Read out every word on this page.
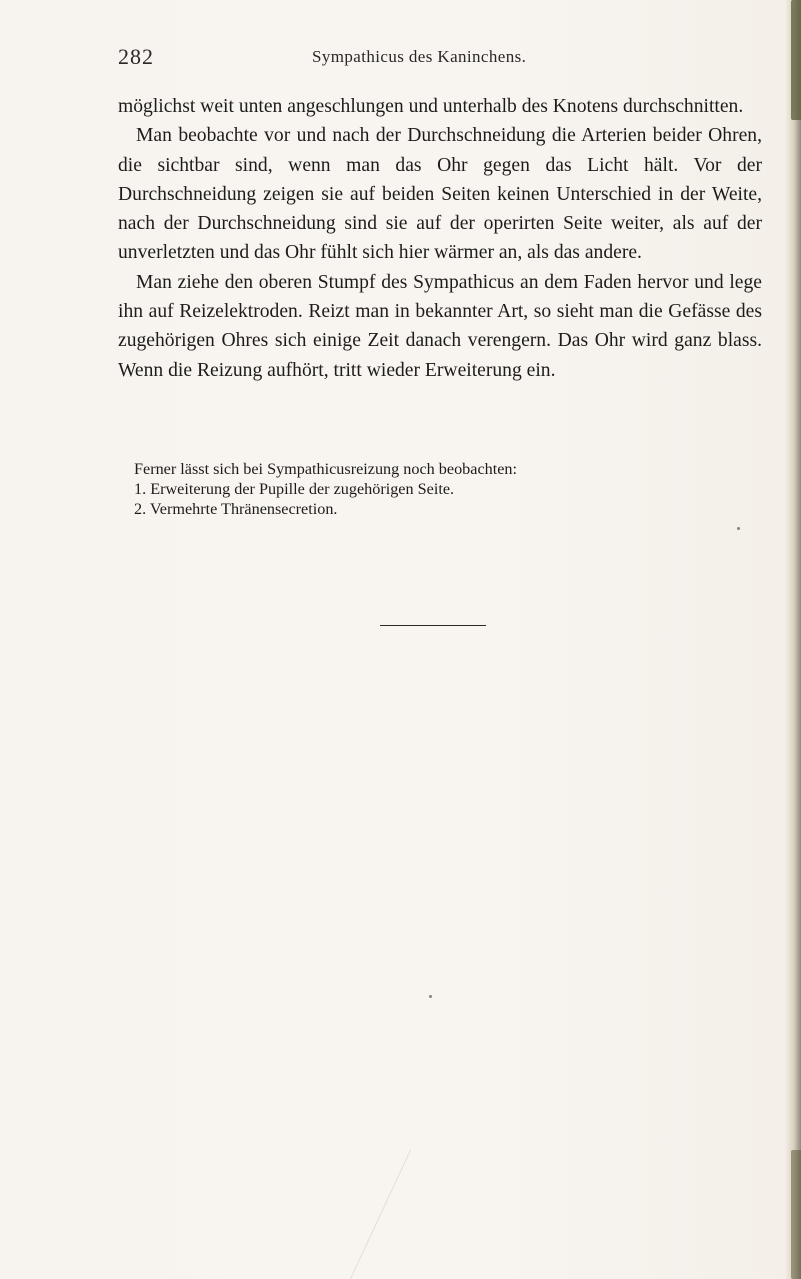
282	Sympathicus des Kaninchens.

möglichst weit unten angeschlungen und unterhalb des Knotens durchschnitten.

Man beobachte vor und nach der Durchschneidung die Arterien beider Ohren, die sichtbar sind, wenn man das Ohr gegen das Licht hält. Vor der Durchschneidung zeigen sie auf beiden Seiten keinen Unterschied in der Weite, nach der Durchschneidung sind sie auf der operirten Seite weiter, als auf der unverletzten und das Ohr fühlt sich hier wärmer an, als das andere.

Man ziehe den oberen Stumpf des Sympathicus an dem Faden hervor und lege ihn auf Reizelektroden. Reizt man in bekannter Art, so sieht man die Gefässe des zugehörigen Ohres sich einige Zeit danach verengern. Das Ohr wird ganz blass. Wenn die Reizung aufhört, tritt wieder Erweiterung ein.

Ferner lässt sich bei Sympathicusreizung noch beobachten:

1. Erweiterung der Pupille der zugehörigen Seite.
2. Vermehrte Thränensecretion.
